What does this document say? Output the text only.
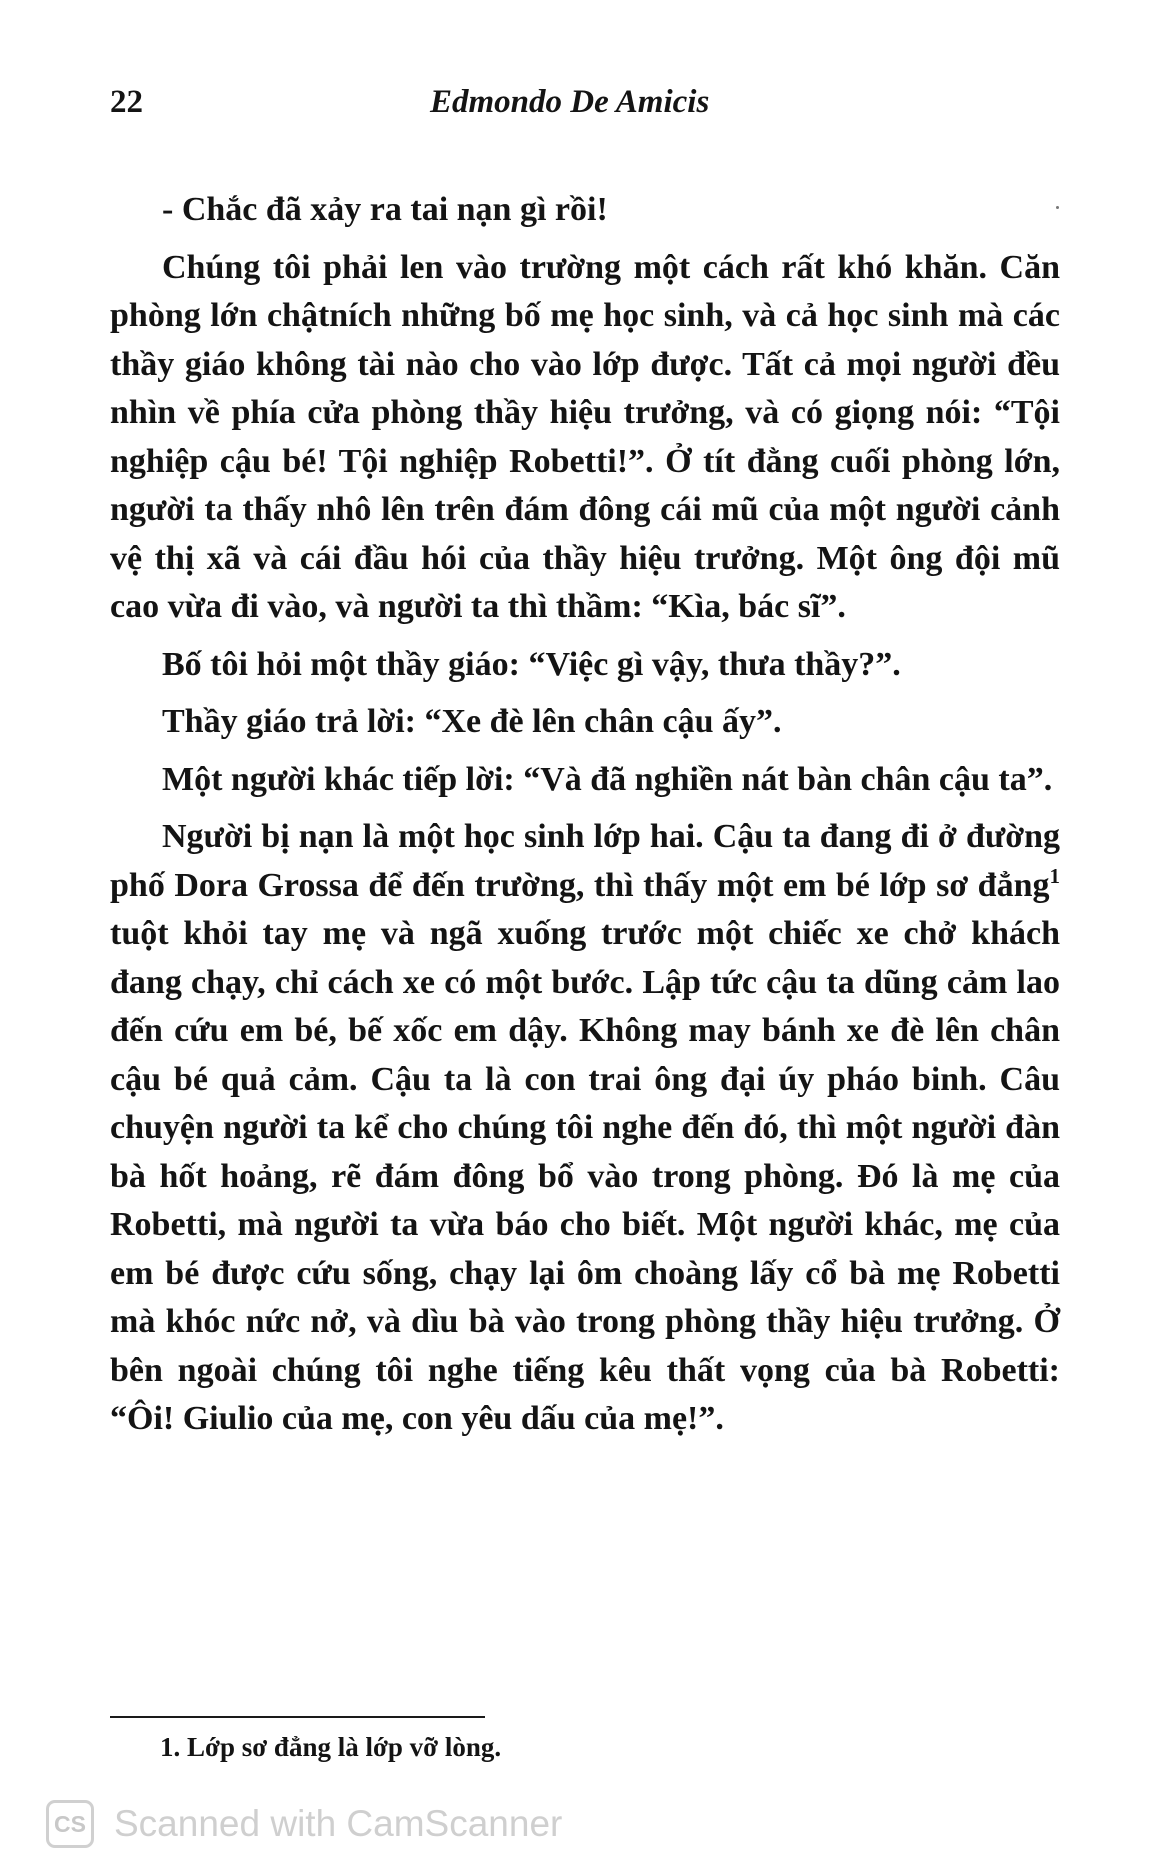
22	Edmondo De Amicis

- Chắc đã xảy ra tai nạn gì rồi!

Chúng tôi phải len vào trường một cách rất khó khăn. Căn phòng lớn chậtních những bố mẹ học sinh, và cả học sinh mà các thầy giáo không tài nào cho vào lớp được. Tất cả mọi người đều nhìn về phía cửa phòng thầy hiệu trưởng, và có giọng nói: “Tội nghiệp cậu bé! Tội nghiệp Robetti!”. Ở tít đằng cuối phòng lớn, người ta thấy nhô lên trên đám đông cái mũ của một người cảnh vệ thị xã và cái đầu hói của thầy hiệu trưởng. Một ông đội mũ cao vừa đi vào, và người ta thì thầm: “Kìa, bác sĩ”.

Bố tôi hỏi một thầy giáo: “Việc gì vậy, thưa thầy?”.

Thầy giáo trả lời: “Xe đè lên chân cậu ấy”.

Một người khác tiếp lời: “Và đã nghiền nát bàn chân cậu ta”.

Người bị nạn là một học sinh lớp hai. Cậu ta đang đi ở đường phố Dora Grossa để đến trường, thì thấy một em bé lớp sơ đẳng$^1$ tuột khỏi tay mẹ và ngã xuống trước một chiếc xe chở khách đang chạy, chỉ cách xe có một bước. Lập tức cậu ta dũng cảm lao đến cứu em bé, bế xốc em dậy. Không may bánh xe đè lên chân cậu bé quả cảm. Cậu ta là con trai ông đại úy pháo binh. Câu chuyện người ta kể cho chúng tôi nghe đến đó, thì một người đàn bà hốt hoảng, rẽ đám đông bổ vào trong phòng. Đó là mẹ của Robetti, mà người ta vừa báo cho biết. Một người khác, mẹ của em bé được cứu sống, chạy lại ôm choàng lấy cổ bà mẹ Robetti mà khóc nức nở, và dìu bà vào trong phòng thầy hiệu trưởng. Ở bên ngoài chúng tôi nghe tiếng kêu thất vọng của bà Robetti: “Ôi! Giulio của mẹ, con yêu dấu của mẹ!”.

1. Lớp sơ đẳng là lớp vỡ lòng.
CS Scanned with CamScanner
